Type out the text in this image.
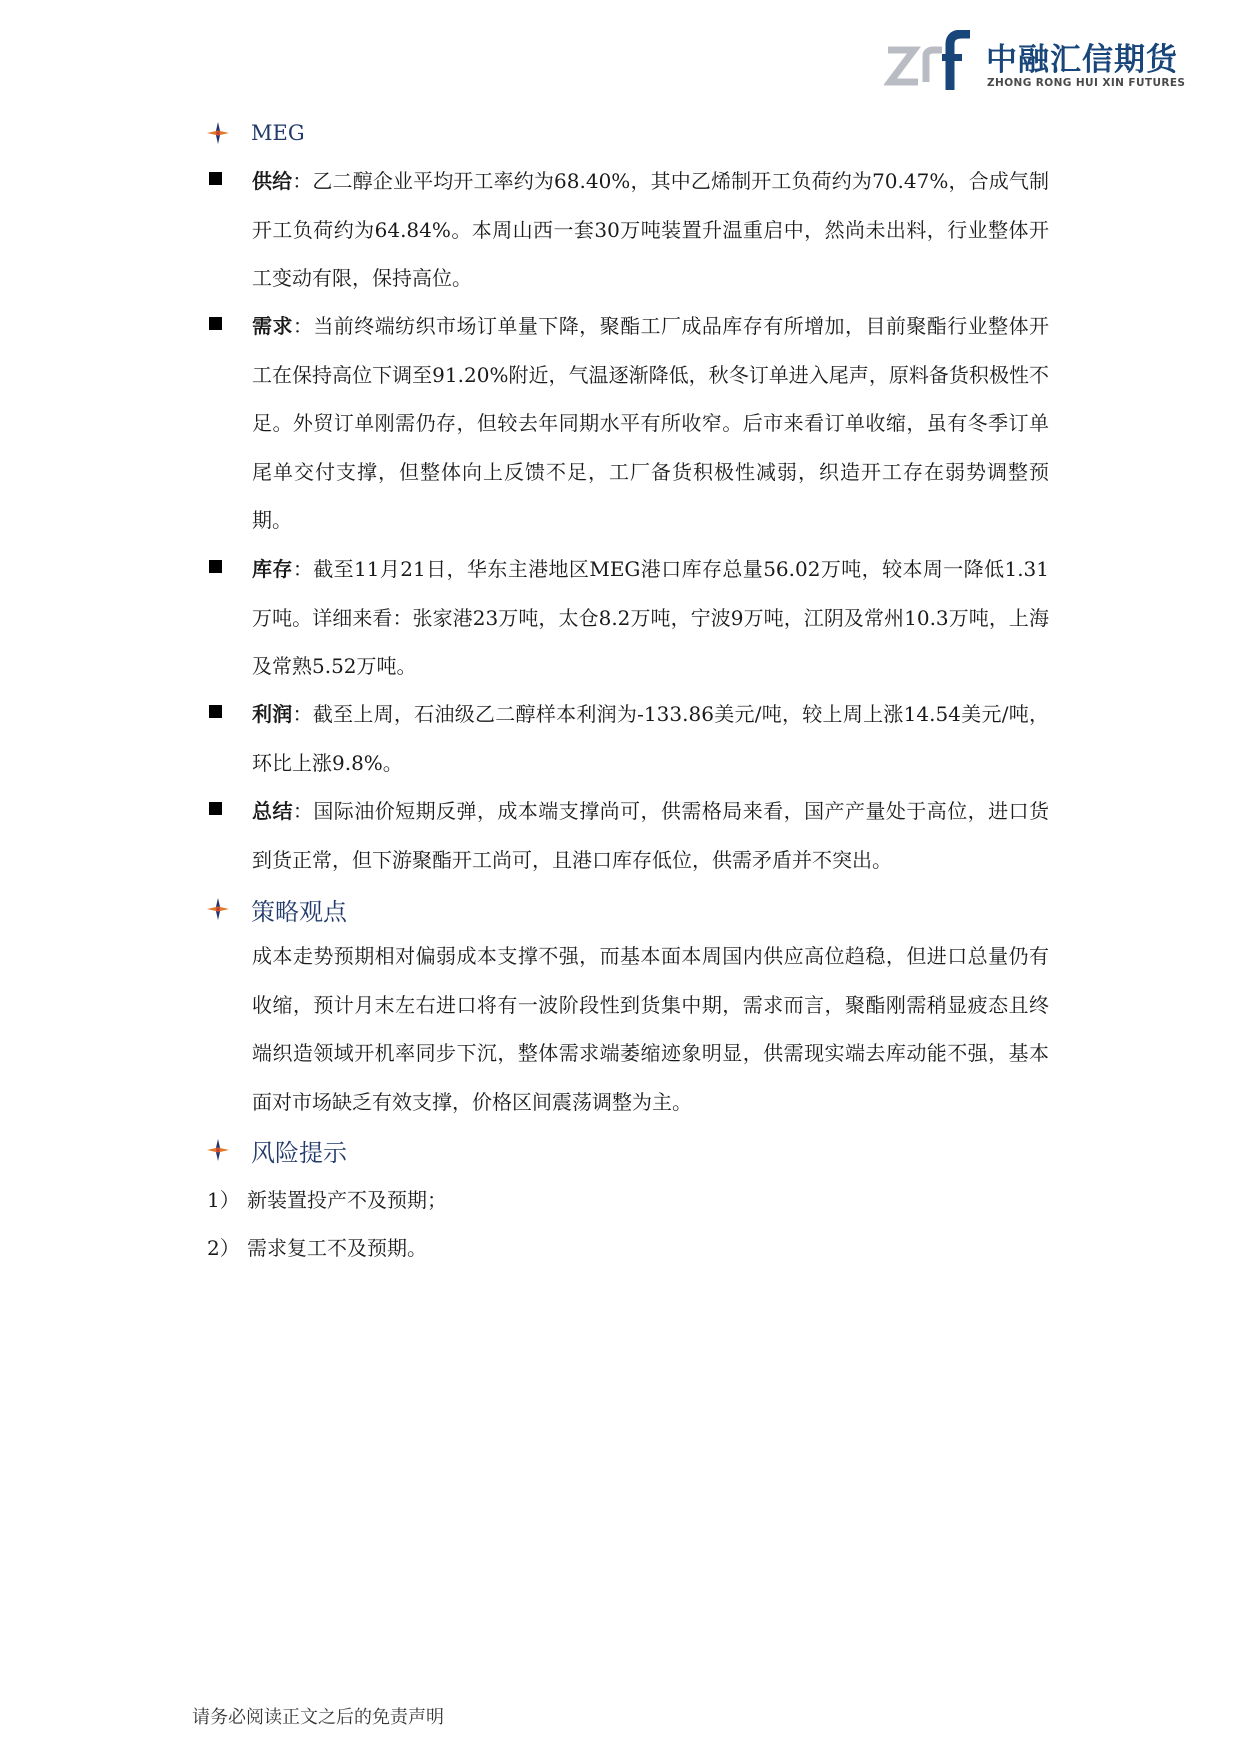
中融汇信期货
ZHONG RONG HUI XIN FUTURES
MEG
供给：乙二醇企业平均开工率约为68.40%，其中乙烯制开工负荷约为70.47%，合成气制开工负荷约为64.84%。本周山西一套30万吨装置升温重启中，然尚未出料，行业整体开工变动有限，保持高位。
需求：当前终端纺织市场订单量下降，聚酯工厂成品库存有所增加，目前聚酯行业整体开工在保持高位下调至91.20%附近，气温逐渐降低，秋冬订单进入尾声，原料备货积极性不足。外贸订单刚需仍存，但较去年同期水平有所收窄。后市来看订单收缩，虽有冬季订单尾单交付支撑，但整体向上反馈不足，工厂备货积极性减弱，织造开工存在弱势调整预期。
库存：截至11月21日，华东主港地区MEG港口库存总量56.02万吨，较本周一降低1.31万吨。详细来看：张家港23万吨，太仓8.2万吨，宁波9万吨，江阴及常州10.3万吨，上海及常熟5.52万吨。
利润：截至上周，石油级乙二醇样本利润为-133.86美元/吨，较上周上涨14.54美元/吨，环比上涨9.8%。
总结：国际油价短期反弹，成本端支撑尚可，供需格局来看，国产产量处于高位，进口货到货正常，但下游聚酯开工尚可，且港口库存低位，供需矛盾并不突出。
策略观点
成本走势预期相对偏弱成本支撑不强，而基本面本周国内供应高位趋稳，但进口总量仍有收缩，预计月末左右进口将有一波阶段性到货集中期，需求而言，聚酯刚需稍显疲态且终端织造领域开机率同步下沉，整体需求端萎缩迹象明显，供需现实端去库动能不强，基本面对市场缺乏有效支撑，价格区间震荡调整为主。
风险提示
1） 新装置投产不及预期；
2） 需求复工不及预期。
请务必阅读正文之后的免责声明
